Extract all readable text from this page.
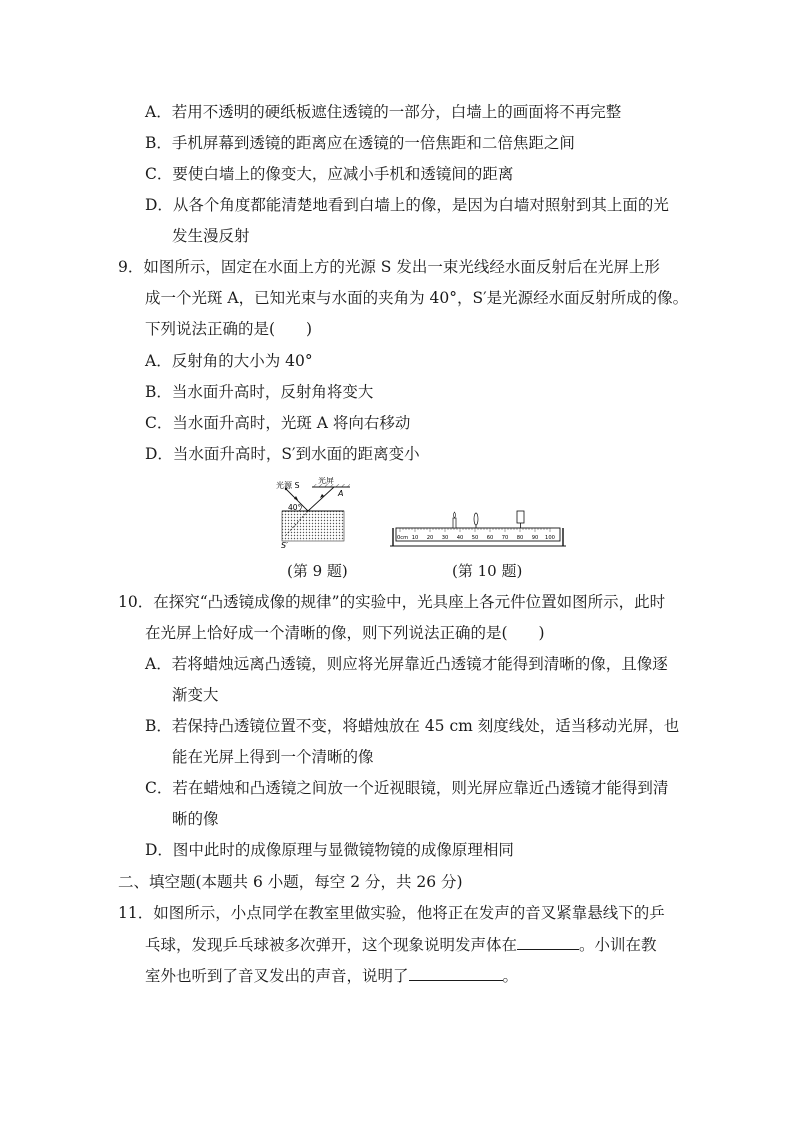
A．若用不透明的硬纸板遮住透镜的一部分，白墙上的画面将不再完整
B．手机屏幕到透镜的距离应在透镜的一倍焦距和二倍焦距之间
C．要使白墙上的像变大，应减小手机和透镜间的距离
D．从各个角度都能清楚地看到白墙上的像，是因为白墙对照射到其上面的光
发生漫反射
9．如图所示，固定在水面上方的光源 S 发出一束光线经水面反射后在光屏上形
成一个光斑 A，已知光束与水面的夹角为 40°，S′是光源经水面反射所成的像。
下列说法正确的是(　　)
A．反射角的大小为 40°
B．当水面升高时，反射角将变大
C．当水面升高时，光斑 A 将向右移动
D．当水面升高时，S′到水面的距离变小
光源 S
光屏
A
40°
S′
(第 9 题)
0cm 10 20 30 40 50 60 70 80 90 100
(第 10 题)
10．在探究“凸透镜成像的规律”的实验中，光具座上各元件位置如图所示，此时
在光屏上恰好成一个清晰的像，则下列说法正确的是(　　)
A．若将蜡烛远离凸透镜，则应将光屏靠近凸透镜才能得到清晰的像，且像逐
渐变大
B．若保持凸透镜位置不变，将蜡烛放在 45 cm 刻度线处，适当移动光屏，也
能在光屏上得到一个清晰的像
C．若在蜡烛和凸透镜之间放一个近视眼镜，则光屏应靠近凸透镜才能得到清
晰的像
D．图中此时的成像原理与显微镜物镜的成像原理相同
二、填空题(本题共 6 小题，每空 2 分，共 26 分)
11．如图所示，小点同学在教室里做实验，他将正在发声的音叉紧靠悬线下的乒
乓球，发现乒乓球被多次弹开，这个现象说明发声体在	。小训在教
室外也听到了音叉发出的声音，说明了	。
